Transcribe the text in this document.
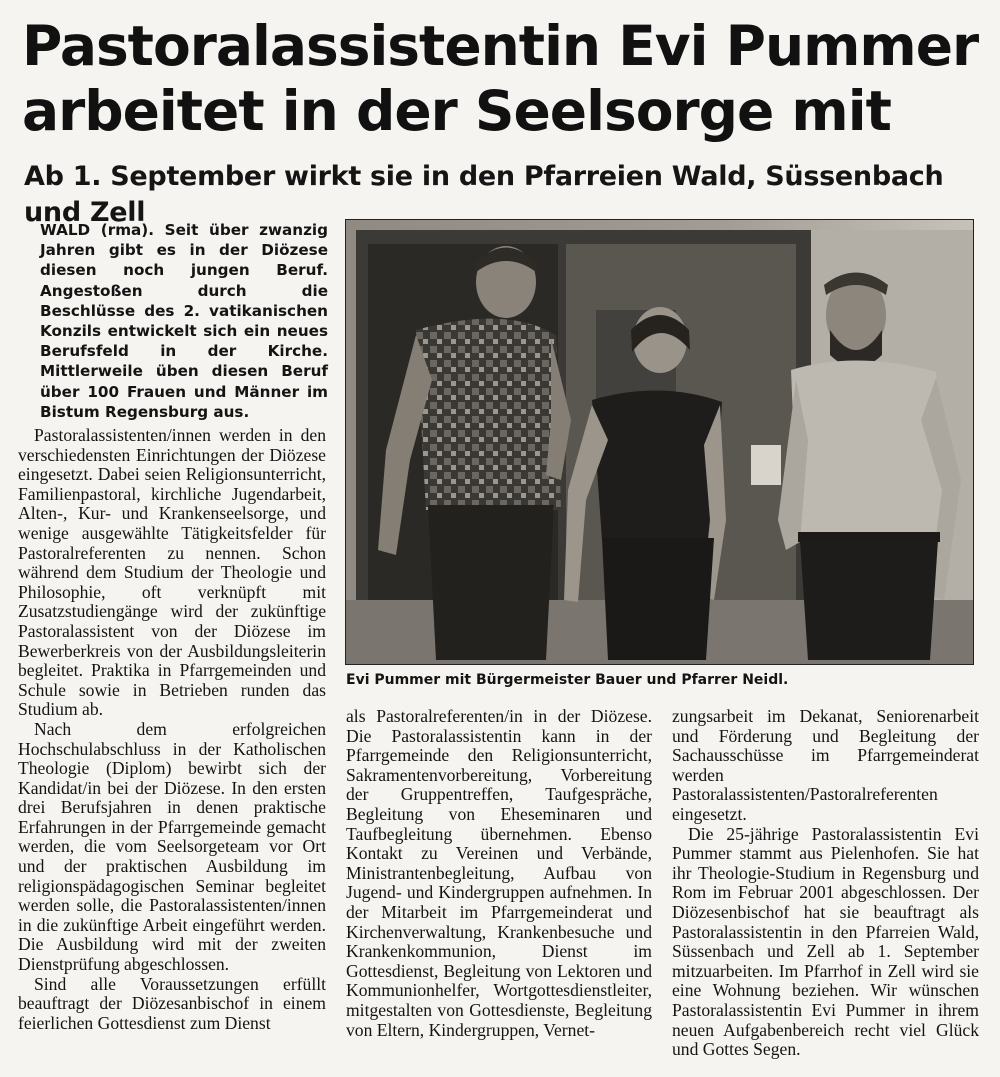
Pastoralassistentin Evi Pummer
arbeitet in der Seelsorge mit
Ab 1. September wirkt sie in den Pfarreien Wald, Süssenbach und Zell

WALD (rma). Seit über zwanzig Jahren gibt es in der Diözese diesen noch jungen Beruf. Angestoßen durch die Beschlüsse des 2. vatikanischen Konzils entwickelt sich ein neues Berufsfeld in der Kirche. Mittlerweile üben diesen Beruf über 100 Frauen und Männer im Bistum Regensburg aus.

Pastoralassistenten/innen werden in den verschiedensten Einrichtungen der Diözese eingesetzt. Dabei seien Religionsunterricht, Familienpastoral, kirchliche Jugendarbeit, Alten-, Kur- und Krankenseelsorge, und wenige ausgewählte Tätigkeitsfelder für Pastoralreferenten zu nennen. Schon während dem Studium der Theologie und Philosophie, oft verknüpft mit Zusatzstudiengänge wird der zukünftige Pastoralassistent von der Diözese im Bewerberkreis von der Ausbildungsleiterin begleitet. Praktika in Pfarrgemeinden und Schule sowie in Betrieben runden das Studium ab.

Nach dem erfolgreichen Hochschulabschluss in der Katholischen Theologie (Diplom) bewirbt sich der Kandidat/in bei der Diözese. In den ersten drei Berufsjahren in denen praktische Erfahrungen in der Pfarrgemeinde gemacht werden, die vom Seelsorgeteam vor Ort und der praktischen Ausbildung im religionspädagogischen Seminar begleitet werden solle, die Pastoralassistenten/innen in die zukünftige Arbeit eingeführt werden. Die Ausbildung wird mit der zweiten Dienstprüfung abgeschlossen.

Sind alle Voraussetzungen erfüllt beauftragt der Diözesanbischof in einem feierlichen Gottesdienst zum Dienst

Evi Pummer mit Bürgermeister Bauer und Pfarrer Neidl.

als Pastoralreferenten/in in der Diözese. Die Pastoralassistentin kann in der Pfarrgemeinde den Religionsunterricht, Sakramentenvorbereitung, Vorbereitung der Gruppentreffen, Taufgespräche, Begleitung von Eheseminaren und Taufbegleitung übernehmen. Ebenso Kontakt zu Vereinen und Verbände, Ministrantenbegleitung, Aufbau von Jugend- und Kindergruppen aufnehmen. In der Mitarbeit im Pfarrgemeinderat und Kirchenverwaltung, Krankenbesuche und Krankenkommunion, Dienst im Gottesdienst, Begleitung von Lektoren und Kommunionhelfer, Wortgottesdienstleiter, mitgestalten von Gottesdienste, Begleitung von Eltern, Kindergruppen, Vernet-

zungsarbeit im Dekanat, Seniorenarbeit und Förderung und Begleitung der Sachausschüsse im Pfarrgemeinderat werden Pastoralassistenten/Pastoralreferenten eingesetzt.

Die 25-jährige Pastoralassistentin Evi Pummer stammt aus Pielenhofen. Sie hat ihr Theologie-Studium in Regensburg und Rom im Februar 2001 abgeschlossen. Der Diözesenbischof hat sie beauftragt als Pastoralassistentin in den Pfarreien Wald, Süssenbach und Zell ab 1. September mitzuarbeiten. Im Pfarrhof in Zell wird sie eine Wohnung beziehen. Wir wünschen Pastoralassistentin Evi Pummer in ihrem neuen Aufgabenbereich recht viel Glück und Gottes Segen.
